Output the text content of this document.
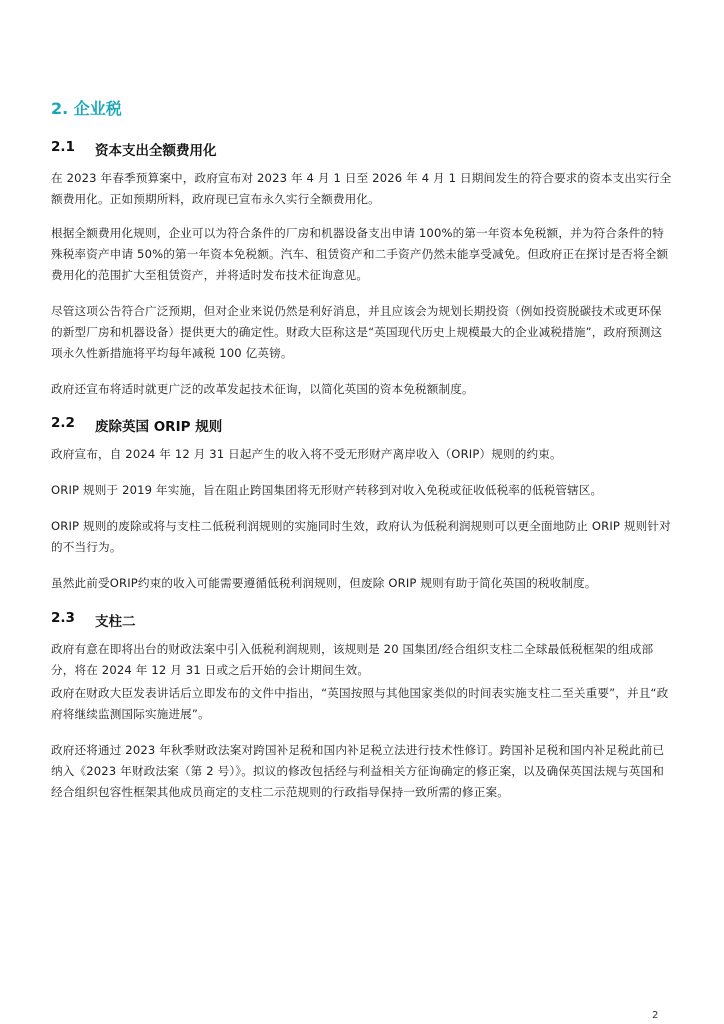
2. 企业税
2.1	资本支出全额费用化

在 2023 年春季预算案中，政府宣布对 2023 年 4 月 1 日至 2026 年 4 月 1 日期间发生的符合要求的资本支出实行全额费用化。正如预期所料，政府现已宣布永久实行全额费用化。

根据全额费用化规则，企业可以为符合条件的厂房和机器设备支出申请 100%的第一年资本免税额，并为符合条件的特殊税率资产申请 50%的第一年资本免税额。汽车、租赁资产和二手资产仍然未能享受减免。但政府正在探讨是否将全额费用化的范围扩大至租赁资产，并将适时发布技术征询意见。

尽管这项公告符合广泛预期，但对企业来说仍然是利好消息，并且应该会为规划长期投资（例如投资脱碳技术或更环保的新型厂房和机器设备）提供更大的确定性。财政大臣称这是“英国现代历史上规模最大的企业减税措施”，政府预测这项永久性新措施将平均每年减税 100 亿英镑。

政府还宣布将适时就更广泛的改革发起技术征询，以简化英国的资本免税额制度。

2.2	废除英国 ORIP 规则

政府宣布，自 2024 年 12 月 31 日起产生的收入将不受无形财产离岸收入（ORIP）规则的约束。

ORIP 规则于 2019 年实施，旨在阻止跨国集团将无形财产转移到对收入免税或征收低税率的低税管辖区。

ORIP 规则的废除或将与支柱二低税利润规则的实施同时生效，政府认为低税利润规则可以更全面地防止 ORIP 规则针对的不当行为。

虽然此前受ORIP约束的收入可能需要遵循低税利润规则，但废除 ORIP 规则有助于简化英国的税收制度。

2.3	支柱二

政府有意在即将出台的财政法案中引入低税利润规则，该规则是 20 国集团/经合组织支柱二全球最低税框架的组成部分，将在 2024 年 12 月 31 日或之后开始的会计期间生效。

政府在财政大臣发表讲话后立即发布的文件中指出，“英国按照与其他国家类似的时间表实施支柱二至关重要”，并且“政府将继续监测国际实施进展”。

政府还将通过 2023 年秋季财政法案对跨国补足税和国内补足税立法进行技术性修订。跨国补足税和国内补足税此前已纳入《2023 年财政法案（第 2 号）》。拟议的修改包括经与利益相关方征询确定的修正案，以及确保英国法规与英国和经合组织包容性框架其他成员商定的支柱二示范规则的行政指导保持一致所需的修正案。

2
